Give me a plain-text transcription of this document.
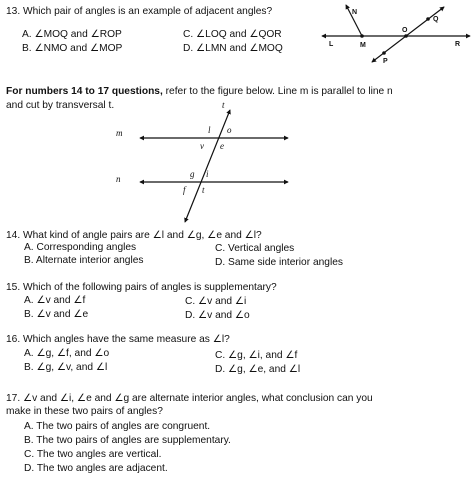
13. Which pair of angles is an example of adjacent angles?
A. ∠MOQ and ∠ROP
B. ∠NMO and ∠MOP
C. ∠LOQ and ∠QOR
D. ∠LMN and ∠MOQ
N
Q
O
L	M	R
P
For numbers 14 to 17 questions, refer to the figure below. Line m is parallel to line n
and cut by transversal t.	t
m
n
l o
v e
g i
f t
14. What kind of angle pairs are ∠l and ∠g, ∠e and ∠l?
A. Corresponding angles
B. Alternate interior angles
C. Vertical angles
D. Same side interior angles
15. Which of the following pairs of angles is supplementary?
A. ∠v and ∠f
B. ∠v and ∠e
C. ∠v and ∠i
D. ∠v and ∠o
16. Which angles have the same measure as ∠l?
A. ∠g, ∠f, and ∠o
B. ∠g, ∠v, and ∠l
C. ∠g, ∠i, and ∠f
D. ∠g, ∠e, and ∠l
17. ∠v and ∠i, ∠e and ∠g are alternate interior angles, what conclusion can you
make in these two pairs of angles?
A. The two pairs of angles are congruent.
B. The two pairs of angles are supplementary.
C. The two angles are vertical.
D. The two angles are adjacent.
